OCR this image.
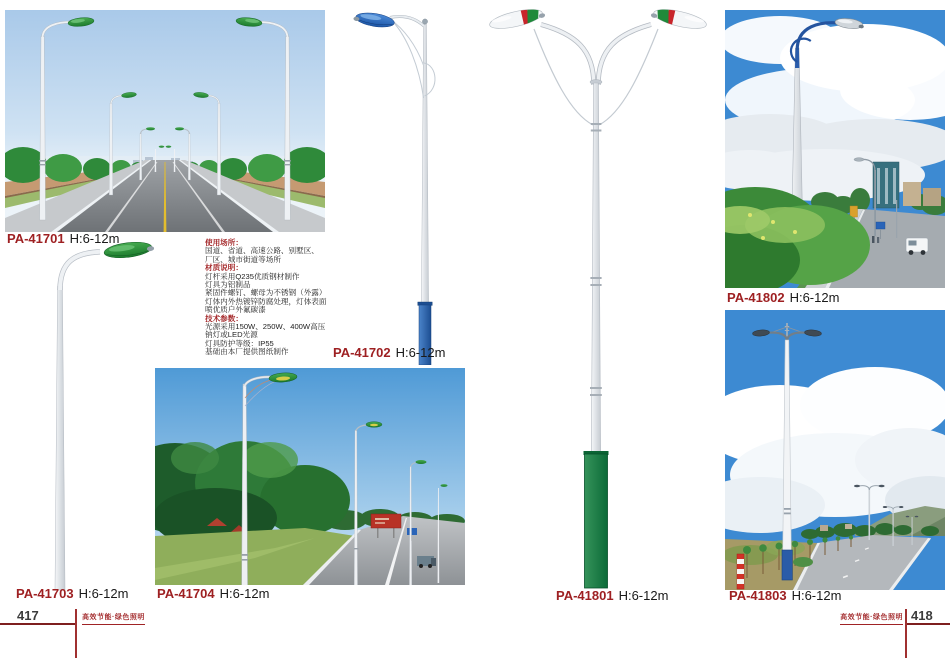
使用场所：
国道、省道、高速公路、别墅区、
厂区、城市街道等场所
材质说明：
灯杆采用Q235优质钢材制作
灯具为铝制品
紧固件螺钉、螺母为不锈钢（外露）
灯体内外热镀锌防腐处理，灯体表面
喷优质户外氟碳漆
技术参数：
光源采用150W、250W、400W高压
钠灯或LED光源
灯具防护等级：IP55
基础由本厂提供图纸制作
PA-41701 H:6-12m
PA-41702 H:6-12m
PA-41703 H:6-12m PA-41704 H:6-12m	PA-41801 H:6-12m
PA-41802 H:6-12m
PA-41803 H:6-12m
417	高效节能·绿色照明	418
高效节能·绿色照明
